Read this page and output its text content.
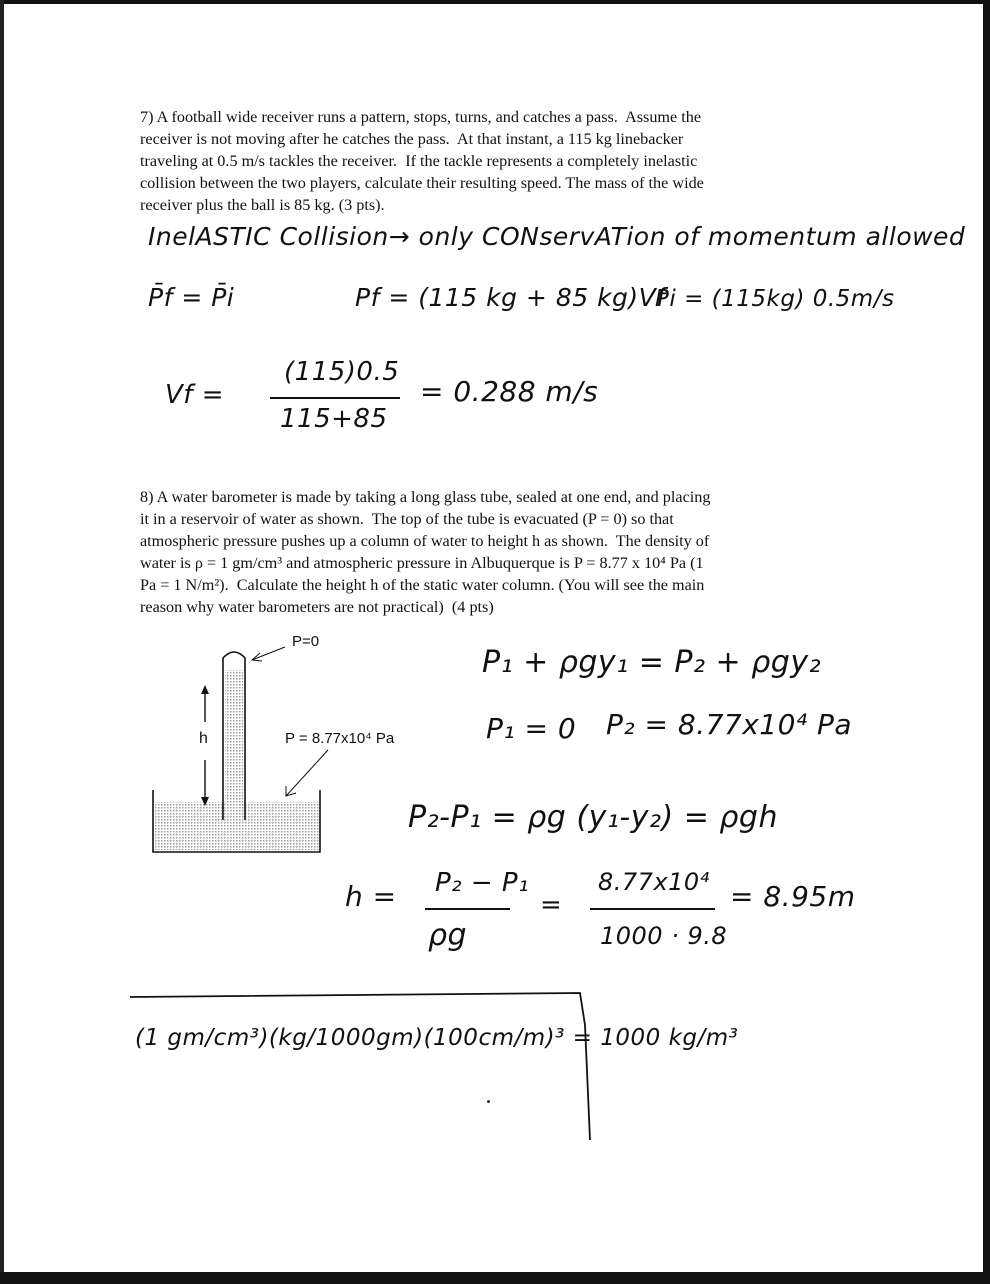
7) A football wide receiver runs a pattern, stops, turns, and catches a pass.  Assume the
receiver is not moving after he catches the pass.  At that instant, a 115 kg linebacker
traveling at 0.5 m/s tackles the receiver.  If the tackle represents a completely inelastic
collision between the two players, calculate their resulting speed. The mass of the wide
receiver plus the ball is 85 kg. (3 pts).
InelASTIC Collision→ only CONservATion of momentum allowed
P̄f = P̄i	Pf = (115 kg + 85 kg)Vf
Pi = (115kg) 0.5m/s
Vf =
(115)0.5
115+85
= 0.288 m/s
8) A water barometer is made by taking a long glass tube, sealed at one end, and placing
it in a reservoir of water as shown.  The top of the tube is evacuated (P = 0) so that
atmospheric pressure pushes up a column of water to height h as shown.  The density of
water is ρ = 1 gm/cm³ and atmospheric pressure in Albuquerque is P = 8.77 x 10⁴ Pa (1
Pa = 1 N/m²).  Calculate the height h of the static water column. (You will see the main
reason why water barometers are not practical)  (4 pts)
P=0
h	P = 8.77x10⁴ Pa
P₁ + ρgy₁ = P₂ + ρgy₂
P₁ = 0 P₂ = 8.77x10⁴ Pa
P₂-P₁ = ρg (y₁-y₂) = ρgh
h = P₂ − P₁
ρg
=
8.77x10⁴
1000 · 9.8
= 8.95m
(1 gm/cm³)(kg/1000gm)(100cm/m)³ = 1000 kg/m³
